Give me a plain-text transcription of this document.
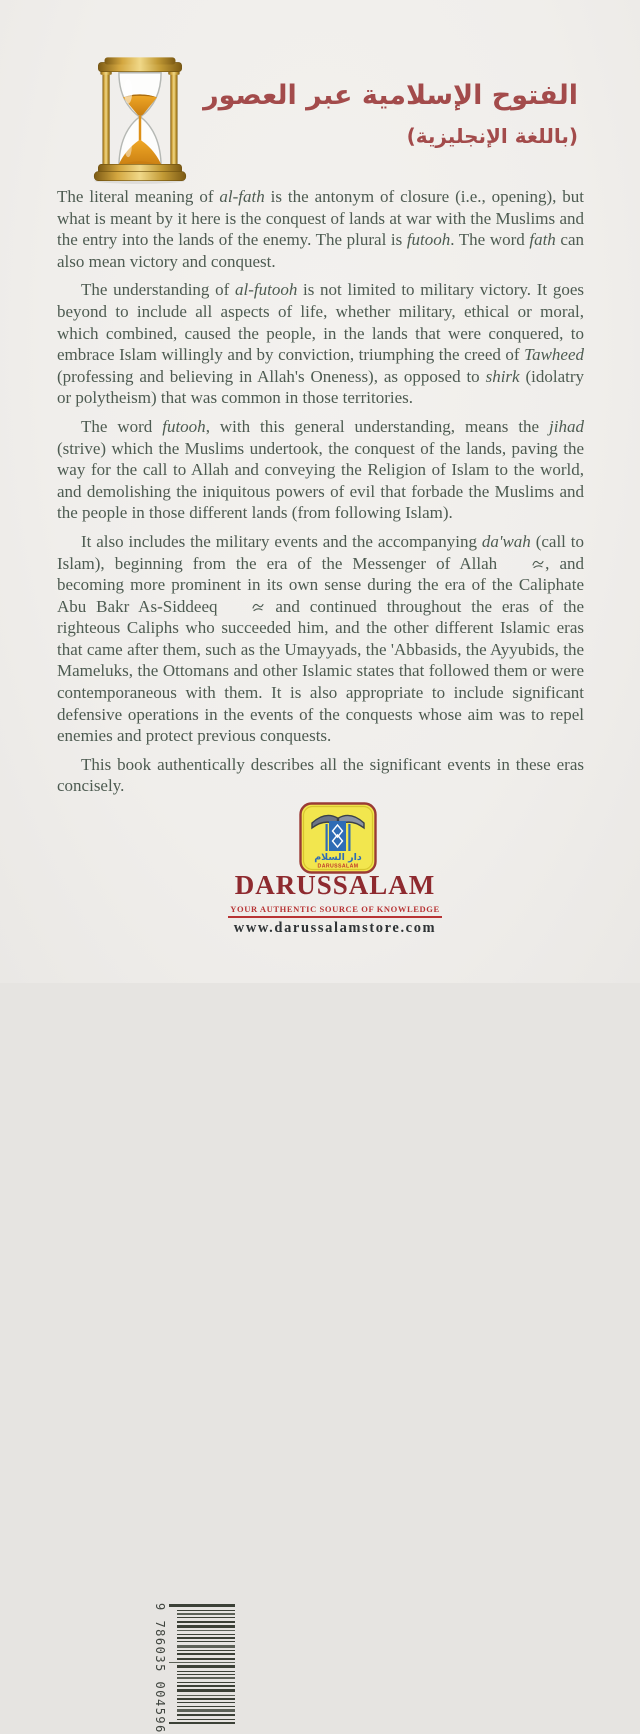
الفتوح الإسلامية عبر العصور
(باللغة الإنجليزية)

The literal meaning of al-fath is the antonym of closure (i.e., opening), but what is meant by it here is the conquest of lands at war with the Muslims and the entry into the lands of the enemy. The plural is futooh. The word fath can also mean victory and conquest.

The understanding of al-futooh is not limited to military victory. It goes beyond to include all aspects of life, whether military, ethical or moral, which combined, caused the people, in the lands that were conquered, to embrace Islam willingly and by conviction, triumphing the creed of Tawheed (professing and believing in Allah's Oneness), as opposed to shirk (idolatry or polytheism) that was common in those territories.

The word futooh, with this general understanding, means the jihad (strive) which the Muslims undertook, the conquest of the lands, paving the way for the call to Allah and conveying the Religion of Islam to the world, and demolishing the iniquitous powers of evil that forbade the Muslims and the people in those different lands (from following Islam).

It also includes the military events and the accompanying da'wah (call to Islam), beginning from the era of the Messenger of Allah , and becoming more prominent in its own sense during the era of the Caliphate Abu Bakr As-Siddeeq  and continued throughout the eras of the righteous Caliphs who succeeded him, and the other different Islamic eras that came after them, such as the Umayyads, the 'Abbasids, the Ayyubids, the Mameluks, the Ottomans and other Islamic states that followed them or were contemporaneous with them. It is also appropriate to include significant defensive operations in the events of the conquests whose aim was to repel enemies and protect previous conquests.

This book authentically describes all the significant events in these eras concisely.

9 786035 004596
دار السلام
DARUSSALAM
DARUSSALAM
YOUR AUTHENTIC SOURCE OF KNOWLEDGE
www.darussalamstore.com
